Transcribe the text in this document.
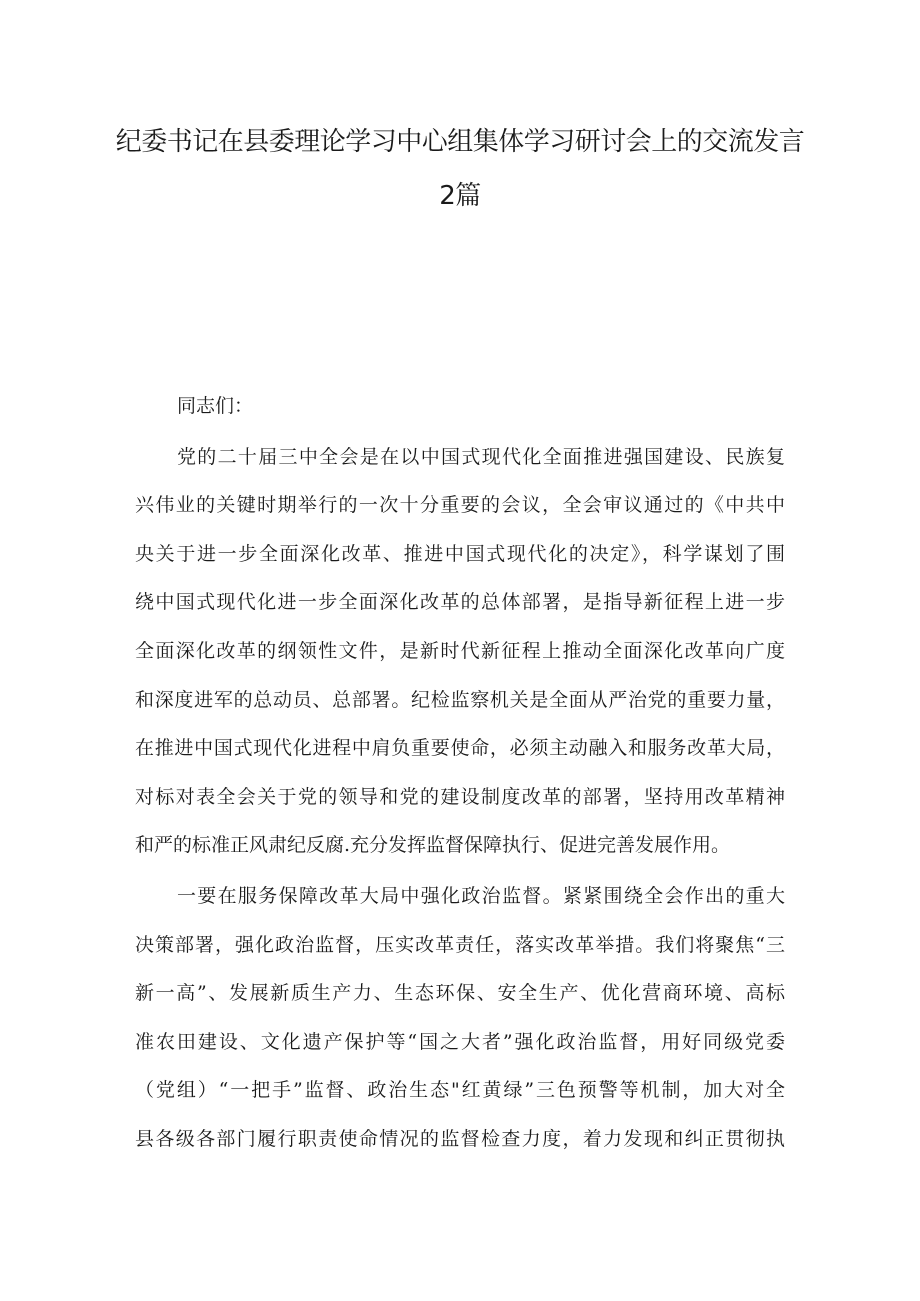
纪委书记在县委理论学习中心组集体学习研讨会上的交流发言
2篇
同志们：
党的二十届三中全会是在以中国式现代化全面推进强国建设、民族复
兴伟业的关键时期举行的一次十分重要的会议，全会审议通过的《中共中
央关于进一步全面深化改革、推进中国式现代化的决定》，科学谋划了围
绕中国式现代化进一步全面深化改革的总体部署，是指导新征程上进一步
全面深化改革的纲领性文件，是新时代新征程上推动全面深化改革向广度
和深度进军的总动员、总部署。纪检监察机关是全面从严治党的重要力量，
在推进中国式现代化进程中肩负重要使命，必须主动融入和服务改革大局，
对标对表全会关于党的领导和党的建设制度改革的部署，坚持用改革精神
和严的标准正风肃纪反腐.充分发挥监督保障执行、促进完善发展作用。
一要在服务保障改革大局中强化政治监督。紧紧围绕全会作出的重大
决策部署，强化政治监督，压实改革责任，落实改革举措。我们将聚焦“三
新一高”、发展新质生产力、生态环保、安全生产、优化营商环境、高标
准农田建设、文化遗产保护等“国之大者”强化政治监督，用好同级党委
（党组）“一把手”监督、政治生态"红黄绿”三色预警等机制，加大对全
县各级各部门履行职责使命情况的监督检查力度，着力发现和纠正贯彻执
